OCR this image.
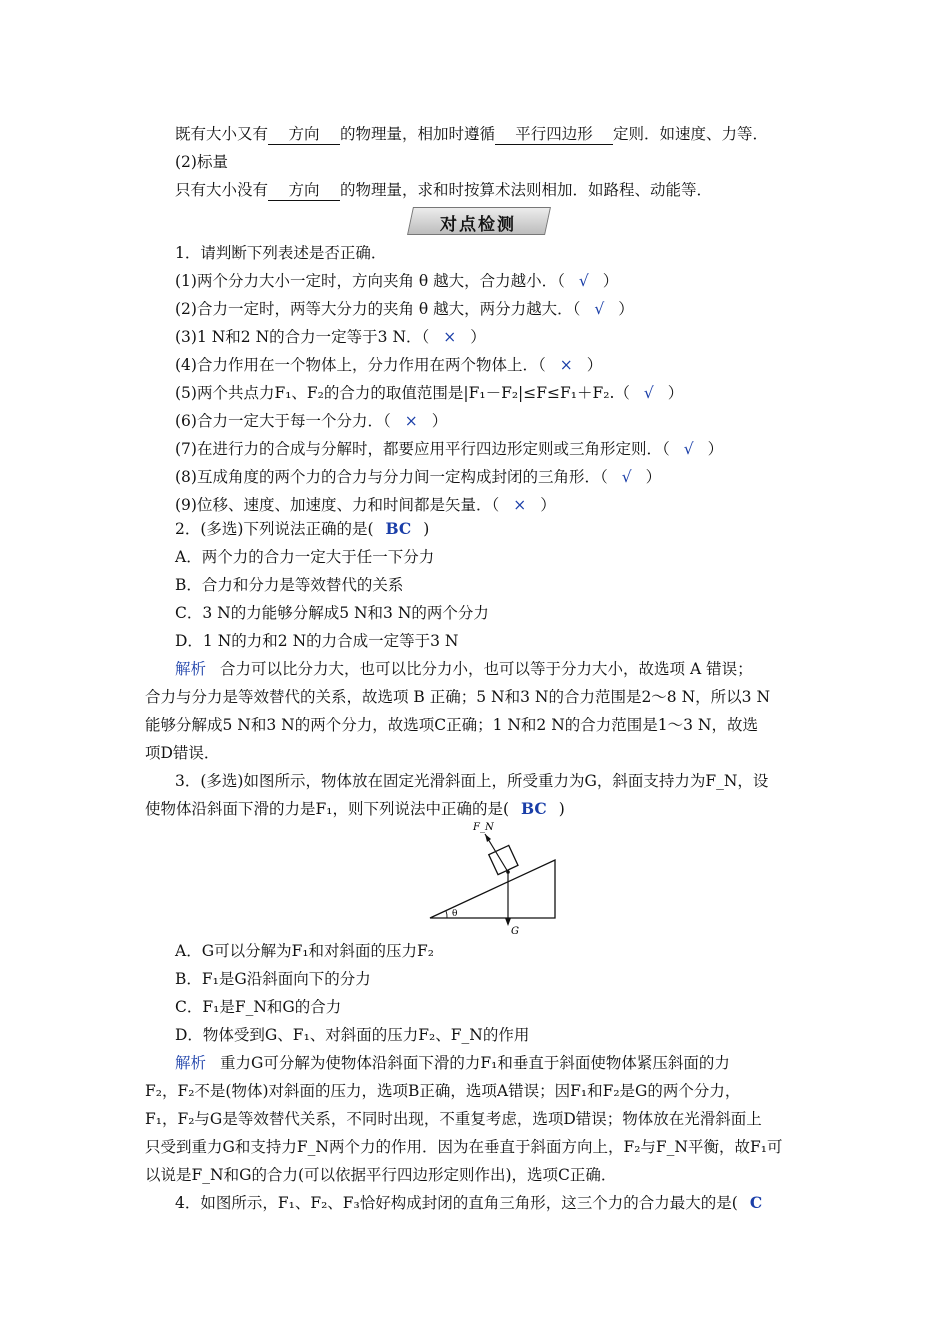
既有大小又有 方向 的物理量，相加时遵循 平行四边形 定则．如速度、力等．
(2)标量
只有大小没有 方向 的物理量，求和时按算术法则相加．如路程、动能等．
对点检测
1．请判断下列表述是否正确．
(1)两个分力大小一定时，方向夹角 θ 越大，合力越小．（ √ ）
(2)合力一定时，两等大分力的夹角 θ 越大，两分力越大．（ √ ）
(3)1 N和2 N的合力一定等于3 N．（ × ）
(4)合力作用在一个物体上，分力作用在两个物体上．（ × ）
(5)两个共点力F₁、F₂的合力的取值范围是|F₁－F₂|≤F≤F₁＋F₂.（ √ ）
(6)合力一定大于每一个分力．（ × ）
(7)在进行力的合成与分解时，都要应用平行四边形定则或三角形定则．（ √ ）
(8)互成角度的两个力的合力与分力间一定构成封闭的三角形．（ √ ）
(9)位移、速度、加速度、力和时间都是矢量．（ × ）
2．(多选)下列说法正确的是( BC )
A．两个力的合力一定大于任一下分力
B．合力和分力是等效替代的关系
C．3 N的力能够分解成5 N和3 N的两个分力
D．1 N的力和2 N的力合成一定等于3 N
解析 合力可以比分力大，也可以比分力小，也可以等于分力大小，故选项 A 错误；
合力与分力是等效替代的关系，故选项 B 正确；5 N和3 N的合力范围是2～8 N，所以3 N
能够分解成5 N和3 N的两个分力，故选项C正确；1 N和2 N的合力范围是1～3 N，故选
项D错误．
3．(多选)如图所示，物体放在固定光滑斜面上，所受重力为G，斜面支持力为F_N，设
使物体沿斜面下滑的力是F₁，则下列说法中正确的是( BC )
F_N
G
θ
A．G可以分解为F₁和对斜面的压力F₂
B．F₁是G沿斜面向下的分力
C．F₁是F_N和G的合力
D．物体受到G、F₁、对斜面的压力F₂、F_N的作用
解析 重力G可分解为使物体沿斜面下滑的力F₁和垂直于斜面使物体紧压斜面的力
F₂，F₂不是(物体)对斜面的压力，选项B正确，选项A错误；因F₁和F₂是G的两个分力，
F₁，F₂与G是等效替代关系，不同时出现，不重复考虑，选项D错误；物体放在光滑斜面上
只受到重力G和支持力F_N两个力的作用．因为在垂直于斜面方向上，F₂与F_N平衡，故F₁可
以说是F_N和G的合力(可以依据平行四边形定则作出)，选项C正确．
4．如图所示，F₁、F₂、F₃恰好构成封闭的直角三角形，这三个力的合力最大的是( C
